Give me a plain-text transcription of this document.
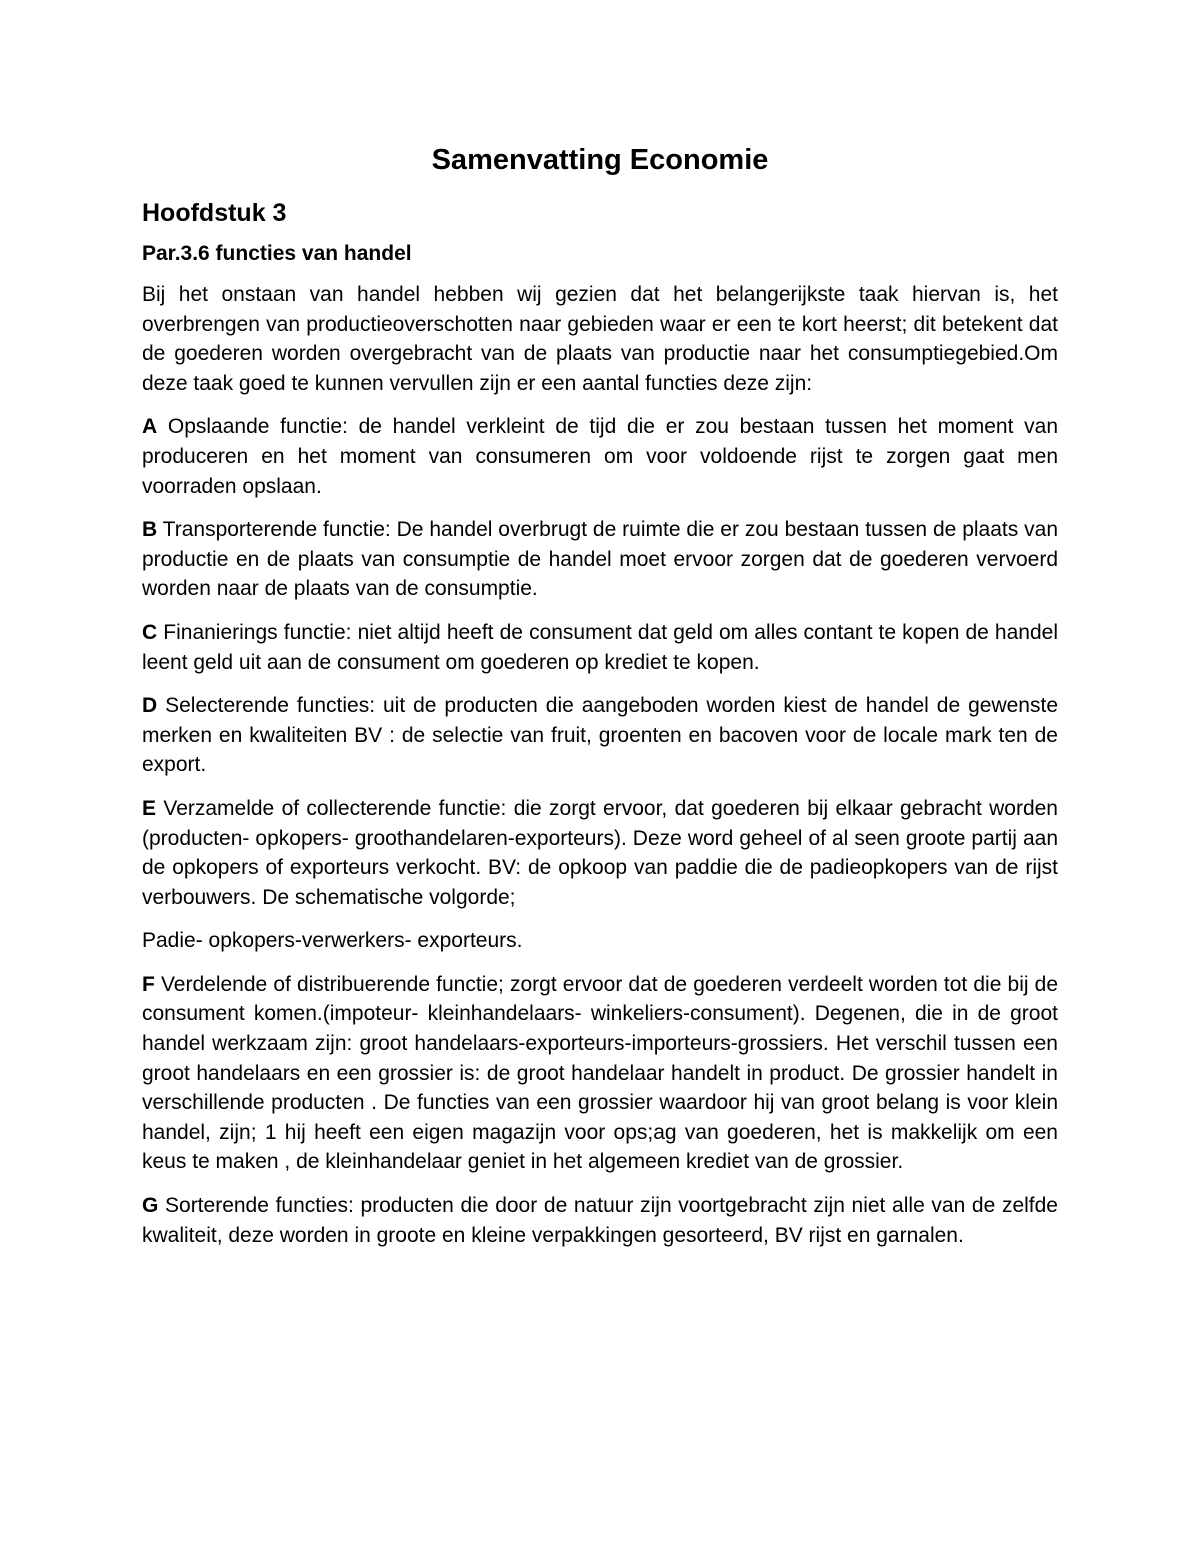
Samenvatting Economie
Hoofdstuk 3
Par.3.6 functies van handel

Bij het onstaan van handel hebben wij gezien dat het belangerijkste taak hiervan is, het overbrengen van productieoverschotten naar gebieden waar er een te kort heerst; dit betekent dat de goederen worden overgebracht van de plaats van productie naar het consumptiegebied.Om deze taak goed te kunnen vervullen zijn er een aantal functies deze zijn:

A Opslaande functie: de handel verkleint de tijd die er zou bestaan tussen het moment van produceren en het moment van consumeren om voor voldoende rijst te zorgen gaat men voorraden opslaan.

B Transporterende functie: De handel overbrugt de ruimte die er zou bestaan tussen de plaats van productie en de plaats van consumptie de handel moet ervoor zorgen dat de goederen vervoerd worden naar de plaats van de consumptie.

C Finanierings functie: niet altijd heeft de consument dat geld om alles contant te kopen de handel leent geld uit aan de consument om goederen op krediet te kopen.

D Selecterende functies: uit de producten die aangeboden worden kiest de handel de gewenste merken en kwaliteiten BV : de selectie van fruit, groenten en bacoven voor de locale mark ten de export.

E Verzamelde of collecterende functie: die zorgt ervoor, dat goederen bij elkaar gebracht worden (producten- opkopers- groothandelaren-exporteurs). Deze word geheel of al seen groote partij aan de opkopers of exporteurs verkocht. BV: de opkoop van paddie die de padieopkopers van de rijst verbouwers. De schematische volgorde;

Padie- opkopers-verwerkers- exporteurs.

F Verdelende of distribuerende functie; zorgt ervoor dat de goederen verdeelt worden tot die bij de consument komen.(impoteur- kleinhandelaars- winkeliers-consument). Degenen, die in de groot handel werkzaam zijn: groot handelaars-exporteurs-importeurs-grossiers. Het verschil tussen een groot handelaars en een grossier is: de groot handelaar handelt in product. De grossier handelt in verschillende producten . De functies van een grossier waardoor hij van groot belang is voor klein handel, zijn; 1 hij heeft een eigen magazijn voor ops;ag van goederen, het is makkelijk om een keus te maken , de kleinhandelaar geniet in het algemeen krediet van de grossier.

G Sorterende functies: producten die door de natuur zijn voortgebracht zijn niet alle van de zelfde kwaliteit, deze worden in groote en kleine verpakkingen gesorteerd, BV rijst en garnalen.
